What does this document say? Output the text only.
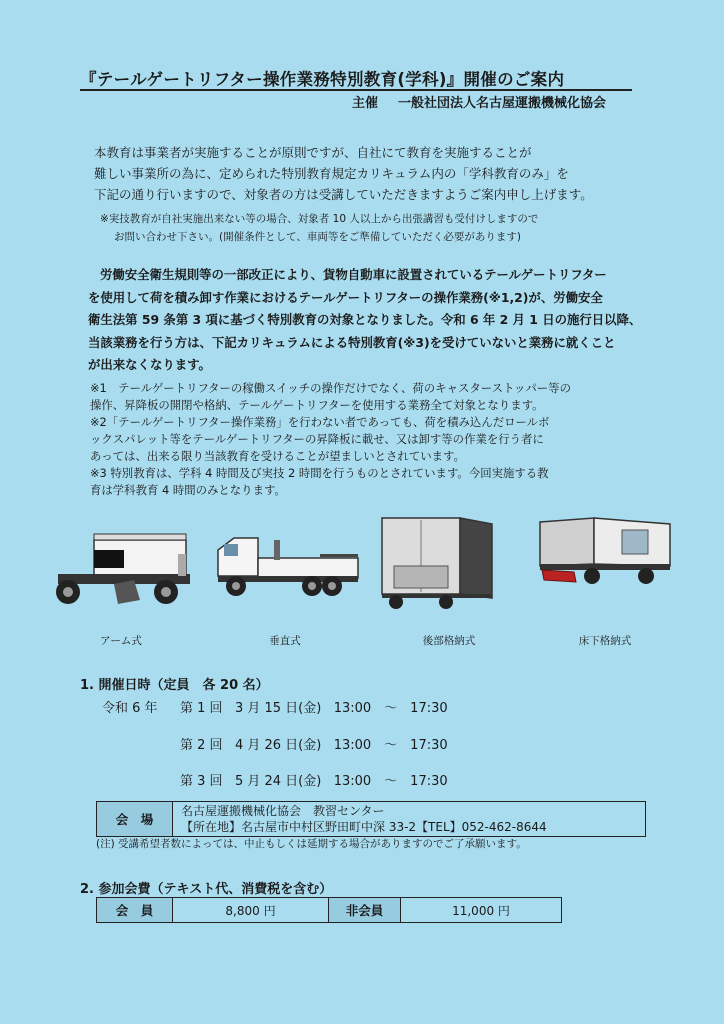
『テールゲートリフター操作業務特別教育(学科)』開催のご案内
主催 一般社団法人名古屋運搬機械化協会
本教育は事業者が実施することが原則ですが、自社にて教育を実施することが
難しい事業所の為に、定められた特別教育規定カリキュラム内の「学科教育のみ」を
下記の通り行いますので、対象者の方は受講していただきますようご案内申し上げます。
※実技教育が自社実施出来ない等の場合、対象者 10 人以上から出張講習も受付けしますので
お問い合わせ下さい。(開催条件として、車両等をご準備していただく必要があります)
労働安全衛生規則等の一部改正により、貨物自動車に設置されているテールゲートリフター
を使用して荷を積み卸す作業におけるテールゲートリフターの操作業務(※1,2)が、労働安全
衛生法第 59 条第 3 項に基づく特別教育の対象となりました。令和 6 年 2 月 1 日の施行日以降、
当該業務を行う方は、下記カリキュラムによる特別教育(※3)を受けていないと業務に就くこと
が出来なくなります。
※1　テールゲートリフターの稼働スイッチの操作だけでなく、荷のキャスターストッパー等の
操作、昇降板の開閉や格納、テールゲートリフターを使用する業務全て対象となります。
※2「テールゲートリフター操作業務」を行わない者であっても、荷を積み込んだロールボ
ックスパレット等をテールゲートリフターの昇降板に載せ、又は卸す等の作業を行う者に
あっては、出来る限り当該教育を受けることが望ましいとされています。
※3 特別教育は、学科 4 時間及び実技 2 時間を行うものとされています。今回実施する教
育は学科教育 4 時間のみとなります。
アーム式	垂直式	後部格納式	床下格納式
1. 開催日時（定員　各 20 名）
令和 6 年 第 1 回 3 月 15 日(金) 13:00　～　17:30
第 2 回 4 月 26 日(金) 13:00　～　17:30
第 3 回 5 月 24 日(金) 13:00　～　17:30
会　場
名古屋運搬機械化協会　教習センター
【所在地】名古屋市中村区野田町中深 33-2【TEL】052-462-8644
(注) 受講希望者数によっては、中止もしくは延期する場合がありますのでご了承願います。
2. 参加会費（テキスト代、消費税を含む）
会　員	8,800 円	非会員	11,000 円
